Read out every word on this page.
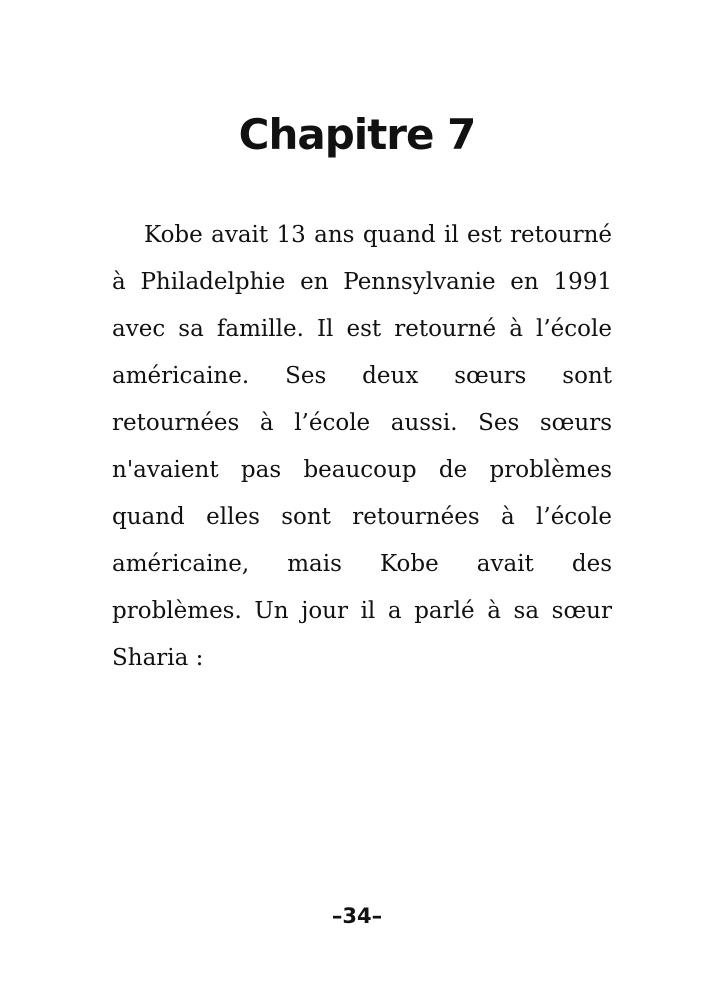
Chapitre 7
Kobe avait 13 ans quand il est retourné
à Philadelphie en Pennsylvanie en 1991
avec sa famille. Il est retourné à l’école
américaine. Ses deux sœurs sont
retournées à l’école aussi. Ses sœurs
n'avaient pas beaucoup de problèmes
quand elles sont retournées à l’école
américaine, mais Kobe avait des
problèmes. Un jour il a parlé à sa sœur
Sharia :
–34–
